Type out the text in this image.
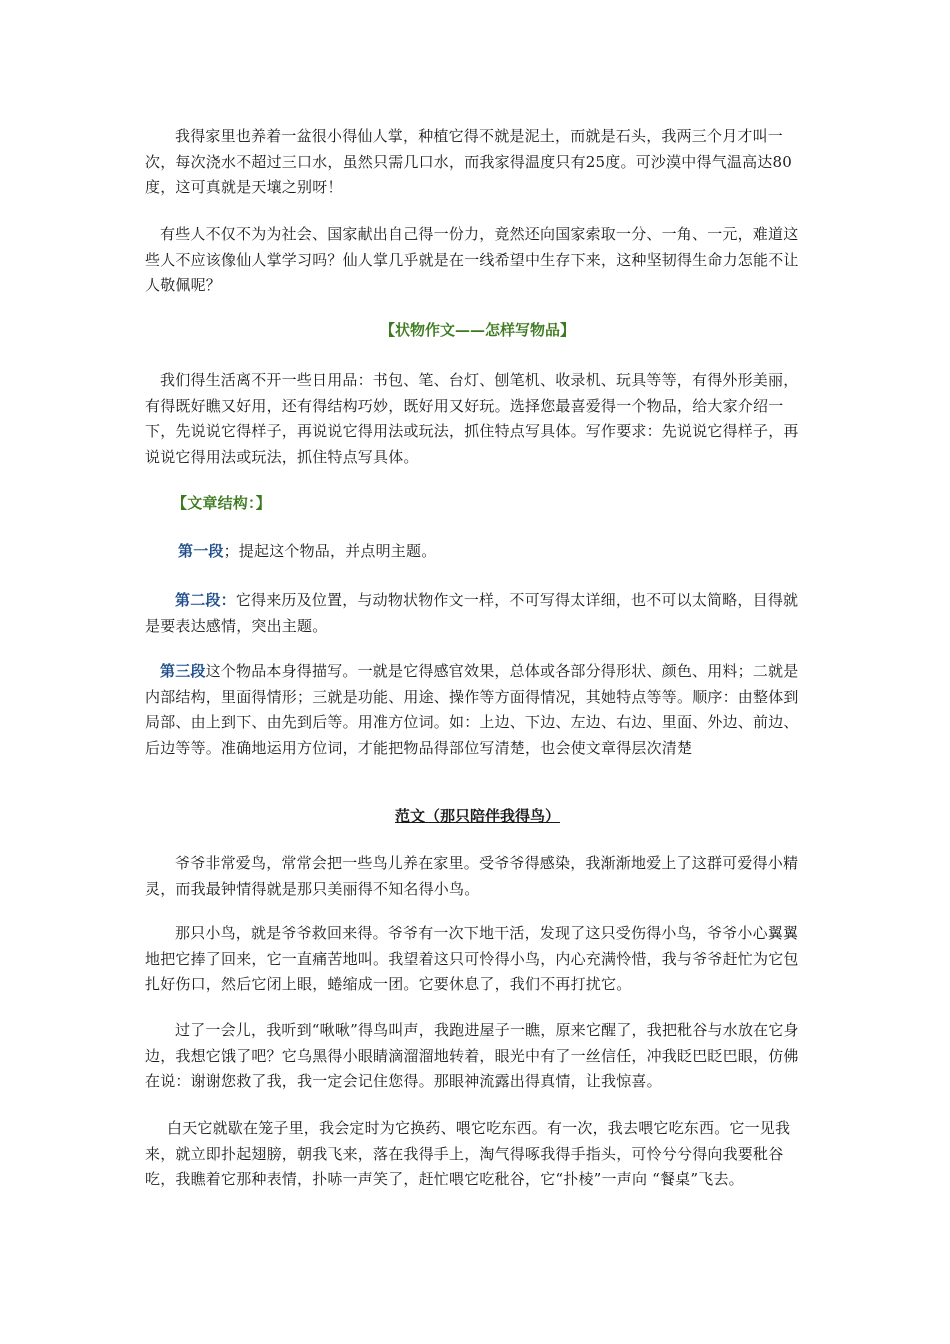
我得家里也养着一盆很小得仙人掌，种植它得不就是泥土，而就是石头，我两三个月才叫一次，每次浇水不超过三口水，虽然只需几口水，而我家得温度只有25度。可沙漠中得气温高达80度，这可真就是天壤之别呀！

有些人不仅不为为社会、国家献出自己得一份力，竟然还向国家索取一分、一角、一元，难道这些人不应该像仙人掌学习吗？仙人掌几乎就是在一线希望中生存下来，这种坚韧得生命力怎能不让人敬佩呢？

【状物作文——怎样写物品】

我们得生活离不开一些日用品：书包、笔、台灯、刨笔机、收录机、玩具等等，有得外形美丽，有得既好瞧又好用，还有得结构巧妙，既好用又好玩。选择您最喜爱得一个物品，给大家介绍一下，先说说它得样子，再说说它得用法或玩法，抓住特点写具体。写作要求：先说说它得样子，再说说它得用法或玩法，抓住特点写具体。

【文章结构：】

第一段；提起这个物品，并点明主题。

第二段：它得来历及位置，与动物状物作文一样，不可写得太详细，也不可以太简略，目得就是要表达感情，突出主题。

第三段这个物品本身得描写。一就是它得感官效果，总体或各部分得形状、颜色、用料；二就是内部结构，里面得情形；三就是功能、用途、操作等方面得情况，其她特点等等。顺序：由整体到局部、由上到下、由先到后等。用准方位词。如：上边、下边、左边、右边、里面、外边、前边、后边等等。准确地运用方位词，才能把物品得部位写清楚，也会使文章得层次清楚

范文（那只陪伴我得鸟）

爷爷非常爱鸟，常常会把一些鸟儿养在家里。受爷爷得感染，我渐渐地爱上了这群可爱得小精灵，而我最钟情得就是那只美丽得不知名得小鸟。

那只小鸟，就是爷爷救回来得。爷爷有一次下地干活，发现了这只受伤得小鸟，爷爷小心翼翼地把它捧了回来，它一直痛苦地叫。我望着这只可怜得小鸟，内心充满怜惜，我与爷爷赶忙为它包扎好伤口，然后它闭上眼，蜷缩成一团。它要休息了，我们不再打扰它。

过了一会儿，我听到“啾啾”得鸟叫声，我跑进屋子一瞧，原来它醒了，我把秕谷与水放在它身边，我想它饿了吧？它乌黑得小眼睛滴溜溜地转着，眼光中有了一丝信任，冲我眨巴眨巴眼，仿佛在说：谢谢您救了我，我一定会记住您得。那眼神流露出得真情，让我惊喜。

白天它就歇在笼子里，我会定时为它换药、喂它吃东西。有一次，我去喂它吃东西。它一见我来，就立即扑起翅膀，朝我飞来，落在我得手上，淘气得啄我得手指头，可怜兮兮得向我要秕谷吃，我瞧着它那种表情，扑哧一声笑了，赶忙喂它吃秕谷，它“扑棱”一声向 “餐桌”飞去。
